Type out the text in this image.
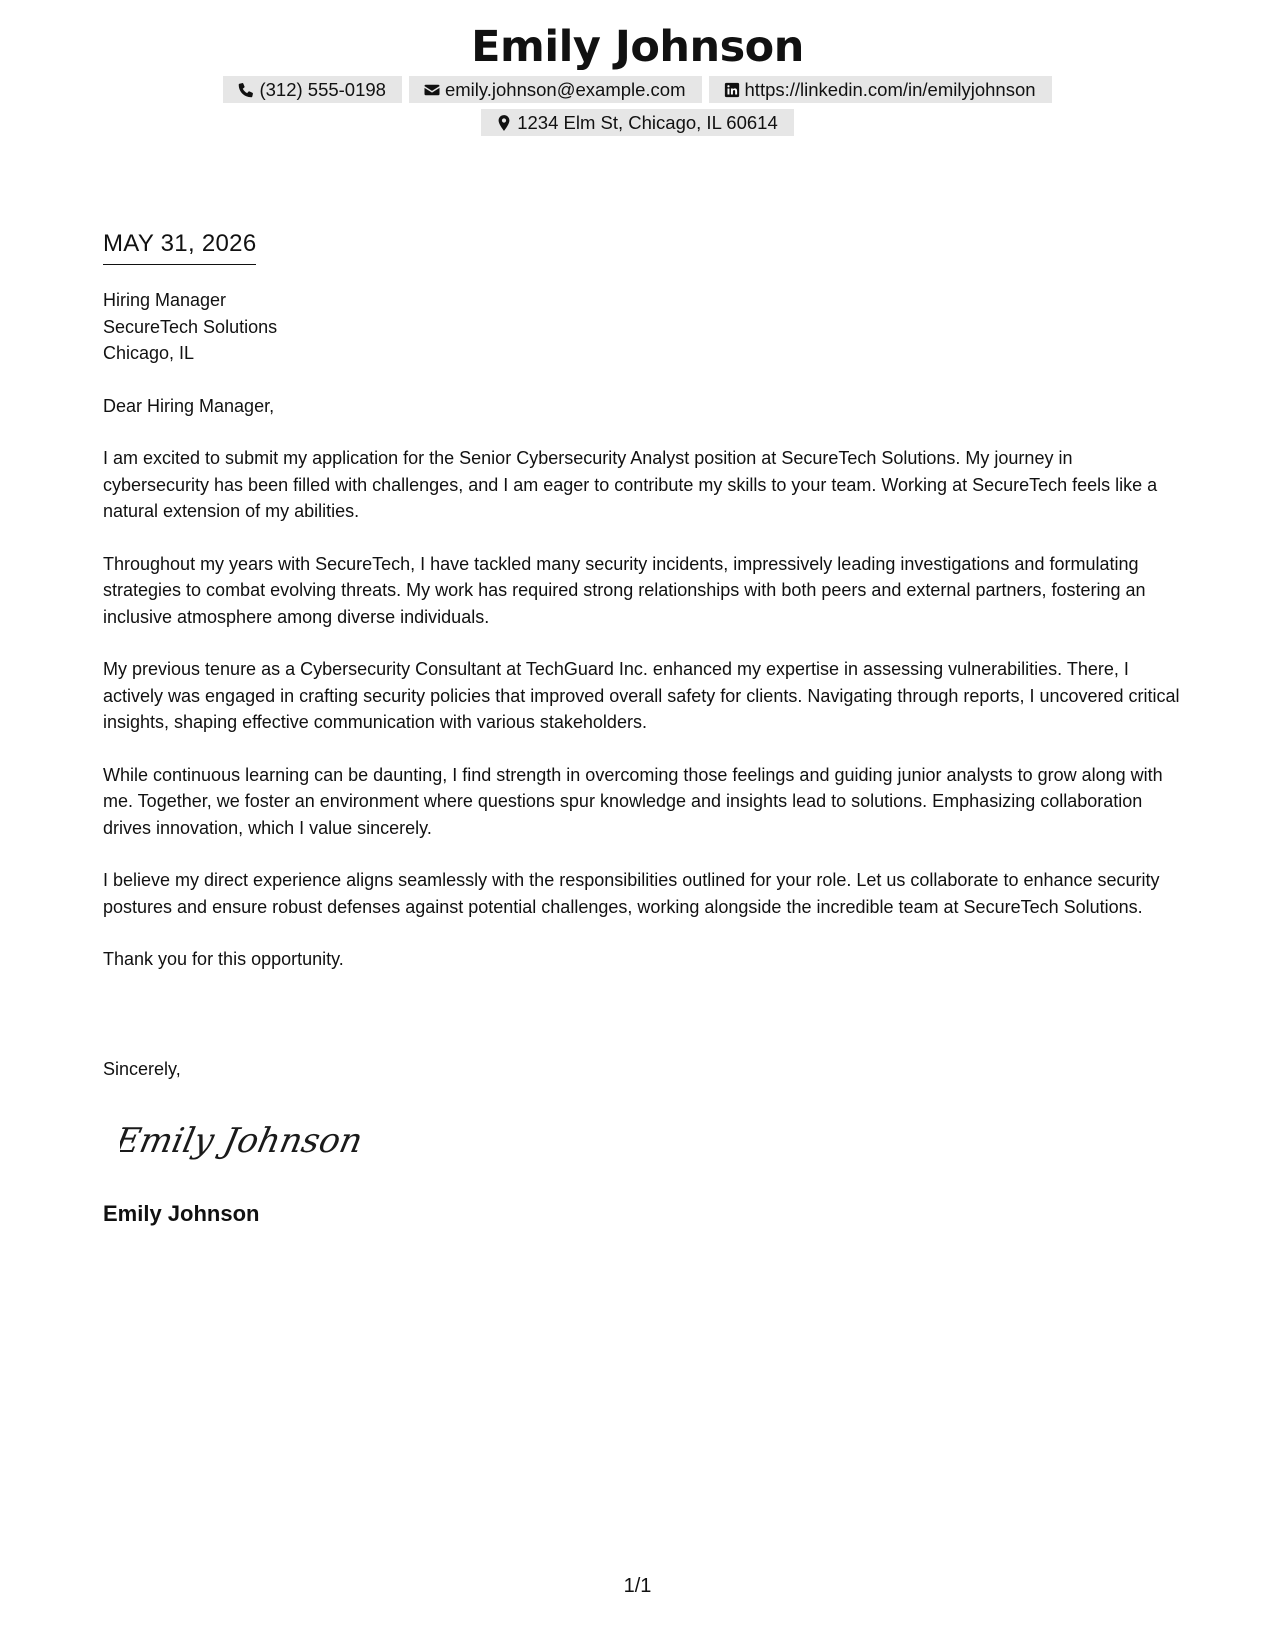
Emily Johnson
(312) 555-0198	emily.johnson@example.com	https://linkedin.com/in/emilyjohnson
1234 Elm St, Chicago, IL 60614
MAY 31, 2026

Hiring Manager

SecureTech Solutions

Chicago, IL

Dear Hiring Manager,

I am excited to submit my application for the Senior Cybersecurity Analyst position at SecureTech Solutions. My journey in cybersecurity has been filled with challenges, and I am eager to contribute my skills to your team. Working at SecureTech feels like a natural extension of my abilities.

Throughout my years with SecureTech, I have tackled many security incidents, impressively leading investigations and formulating strategies to combat evolving threats. My work has required strong relationships with both peers and external partners, fostering an inclusive atmosphere among diverse individuals.

My previous tenure as a Cybersecurity Consultant at TechGuard Inc. enhanced my expertise in assessing vulnerabilities. There, I actively was engaged in crafting security policies that improved overall safety for clients. Navigating through reports, I uncovered critical insights, shaping effective communication with various stakeholders.

While continuous learning can be daunting, I find strength in overcoming those feelings and guiding junior analysts to grow along with me. Together, we foster an environment where questions spur knowledge and insights lead to solutions. Emphasizing collaboration drives innovation, which I value sincerely.

I believe my direct experience aligns seamlessly with the responsibilities outlined for your role. Let us collaborate to enhance security postures and ensure robust defenses against potential challenges, working alongside the incredible team at SecureTech Solutions.

Thank you for this opportunity.

Sincerely,
Emily Johnson
Emily Johnson
1/1
